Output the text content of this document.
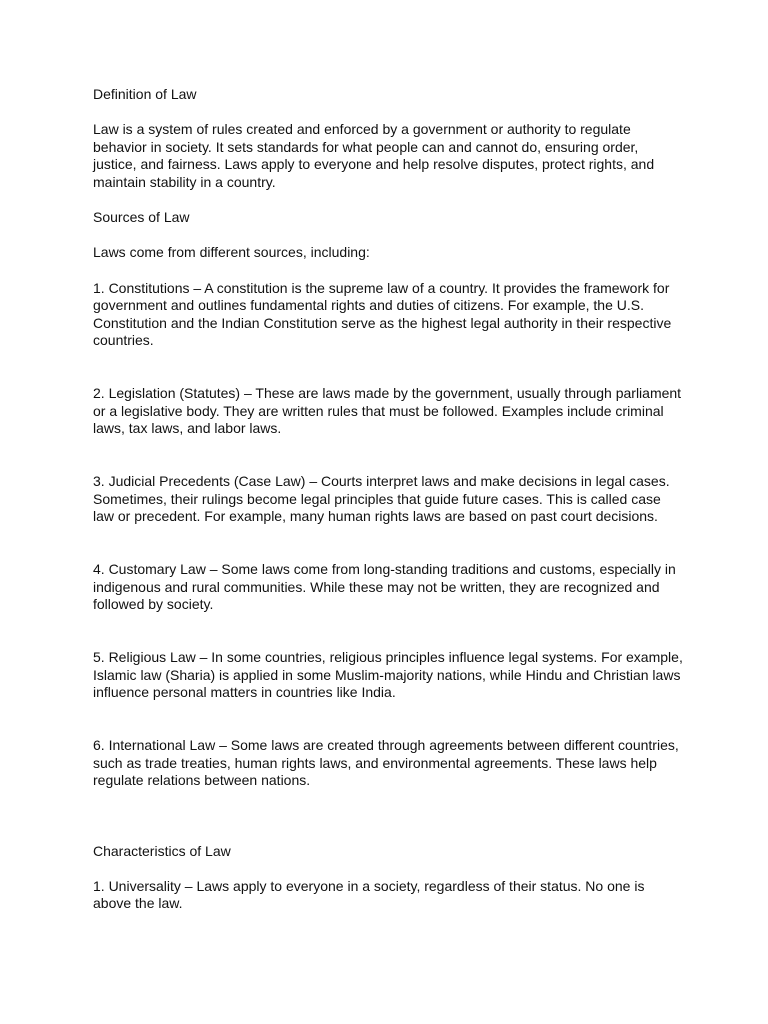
Definition of Law

Law is a system of rules created and enforced by a government or authority to regulate behavior in society. It sets standards for what people can and cannot do, ensuring order, justice, and fairness. Laws apply to everyone and help resolve disputes, protect rights, and maintain stability in a country.

Sources of Law

Laws come from different sources, including:

1. Constitutions – A constitution is the supreme law of a country. It provides the framework for government and outlines fundamental rights and duties of citizens. For example, the U.S. Constitution and the Indian Constitution serve as the highest legal authority in their respective countries.

2. Legislation (Statutes) – These are laws made by the government, usually through parliament or a legislative body. They are written rules that must be followed. Examples include criminal laws, tax laws, and labor laws.

3. Judicial Precedents (Case Law) – Courts interpret laws and make decisions in legal cases. Sometimes, their rulings become legal principles that guide future cases. This is called case law or precedent. For example, many human rights laws are based on past court decisions.

4. Customary Law – Some laws come from long-standing traditions and customs, especially in indigenous and rural communities. While these may not be written, they are recognized and followed by society.

5. Religious Law – In some countries, religious principles influence legal systems. For example, Islamic law (Sharia) is applied in some Muslim-majority nations, while Hindu and Christian laws influence personal matters in countries like India.

6. International Law – Some laws are created through agreements between different countries, such as trade treaties, human rights laws, and environmental agreements. These laws help regulate relations between nations.

Characteristics of Law

1. Universality – Laws apply to everyone in a society, regardless of their status. No one is above the law.
